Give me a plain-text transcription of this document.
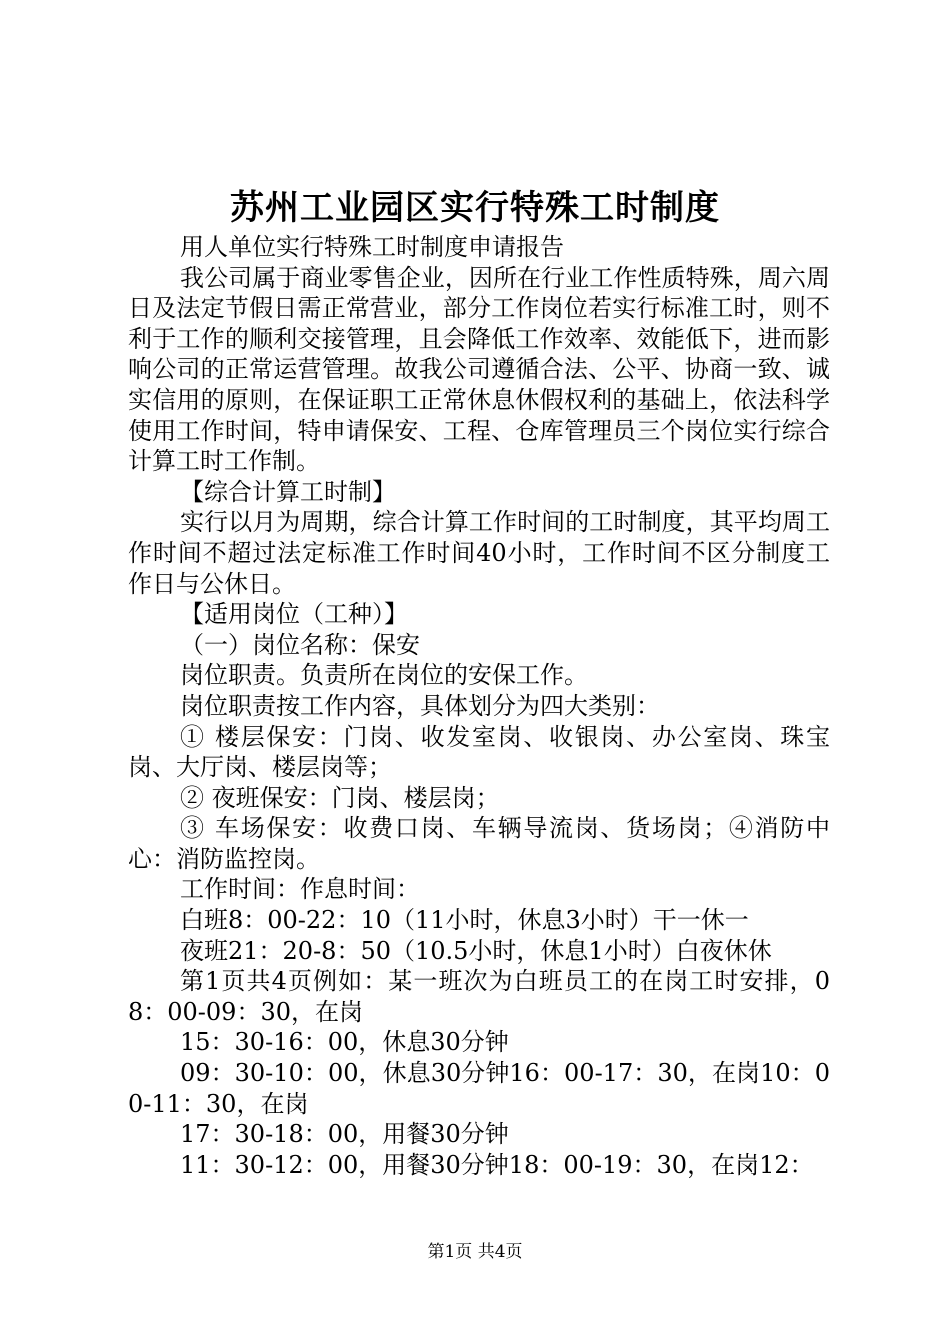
苏州工业园区实行特殊工时制度

用人单位实行特殊工时制度申请报告

我公司属于商业零售企业，因所在行业工作性质特殊，周六周日及法定节假日需正常营业，部分工作岗位若实行标准工时，则不利于工作的顺利交接管理，且会降低工作效率、效能低下，进而影响公司的正常运营管理。故我公司遵循合法、公平、协商一致、诚实信用的原则，在保证职工正常休息休假权利的基础上，依法科学使用工作时间，特申请保安、工程、仓库管理员三个岗位实行综合计算工时工作制。

【综合计算工时制】

实行以月为周期，综合计算工作时间的工时制度，其平均周工作时间不超过法定标准工作时间40小时，工作时间不区分制度工作日与公休日。

【适用岗位（工种）】

（一）岗位名称：保安

岗位职责。负责所在岗位的安保工作。

岗位职责按工作内容，具体划分为四大类别：

① 楼层保安：门岗、收发室岗、收银岗、办公室岗、珠宝岗、大厅岗、楼层岗等；

② 夜班保安：门岗、楼层岗；

③ 车场保安：收费口岗、车辆导流岗、货场岗；④消防中心：消防监控岗。

工作时间：作息时间：

白班8：00-22：10（11小时，休息3小时）干一休一

夜班21：20-8：50（10.5小时，休息1小时）白夜休休

第1页共4页例如：某一班次为白班员工的在岗工时安排，08：00-09：30，在岗

15：30-16：00，休息30分钟

09：30-10：00，休息30分钟16：00-17：30，在岗10：00-11：30，在岗

17：30-18：00，用餐30分钟

11：30-12：00，用餐30分钟18：00-19：30，在岗12：

第1页 共4页
